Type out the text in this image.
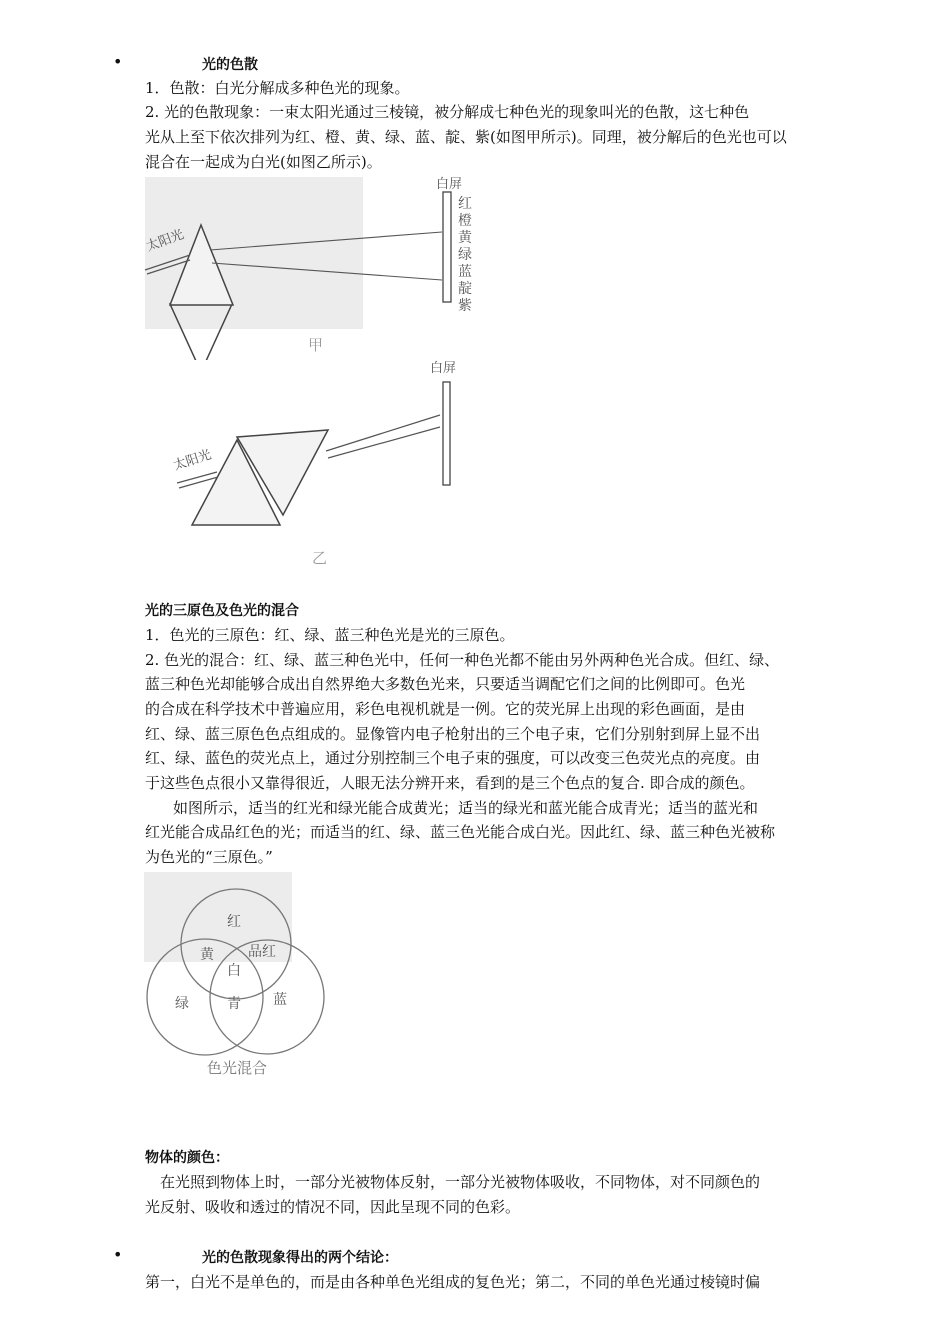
•	光的色散
1．色散：白光分解成多种色光的现象。
2. 光的色散现象：一束太阳光通过三棱镜，被分解成七种色光的现象叫光的色散，这七种色
光从上至下依次排列为红、橙、黄、绿、蓝、靛、紫(如图甲所示)。同理，被分解后的色光也可以
混合在一起成为白光(如图乙所示)。
白屏
太阳光
红
橙
黄
绿
蓝
靛
紫
甲
白屏
太阳光
乙
光的三原色及色光的混合
1．色光的三原色：红、绿、蓝三种色光是光的三原色。
2. 色光的混合：红、绿、蓝三种色光中，任何一种色光都不能由另外两种色光合成。但红、绿、
蓝三种色光却能够合成出自然界绝大多数色光来，只要适当调配它们之间的比例即可。色光
的合成在科学技术中普遍应用，彩色电视机就是一例。它的荧光屏上出现的彩色画面，是由
红、绿、蓝三原色色点组成的。显像管内电子枪射出的三个电子束，它们分别射到屏上显不出
红、绿、蓝色的荧光点上，通过分别控制三个电子束的强度，可以改变三色荧光点的亮度。由
于这些色点很小又靠得很近，人眼无法分辨开来，看到的是三个色点的复合. 即合成的颜色。
如图所示，适当的红光和绿光能合成黄光；适当的绿光和蓝光能合成青光；适当的蓝光和
红光能合成品红色的光；而适当的红、绿、蓝三色光能合成白光。因此红、绿、蓝三种色光被称
为色光的“三原色。”
红
黄 品红
白
绿	青 蓝
色光混合
物体的颜色：
在光照到物体上时，一部分光被物体反射，一部分光被物体吸收，不同物体，对不同颜色的
光反射、吸收和透过的情况不同，因此呈现不同的色彩。
•	光的色散现象得出的两个结论：
第一，白光不是单色的，而是由各种单色光组成的复色光；第二，不同的单色光通过棱镜时偏
